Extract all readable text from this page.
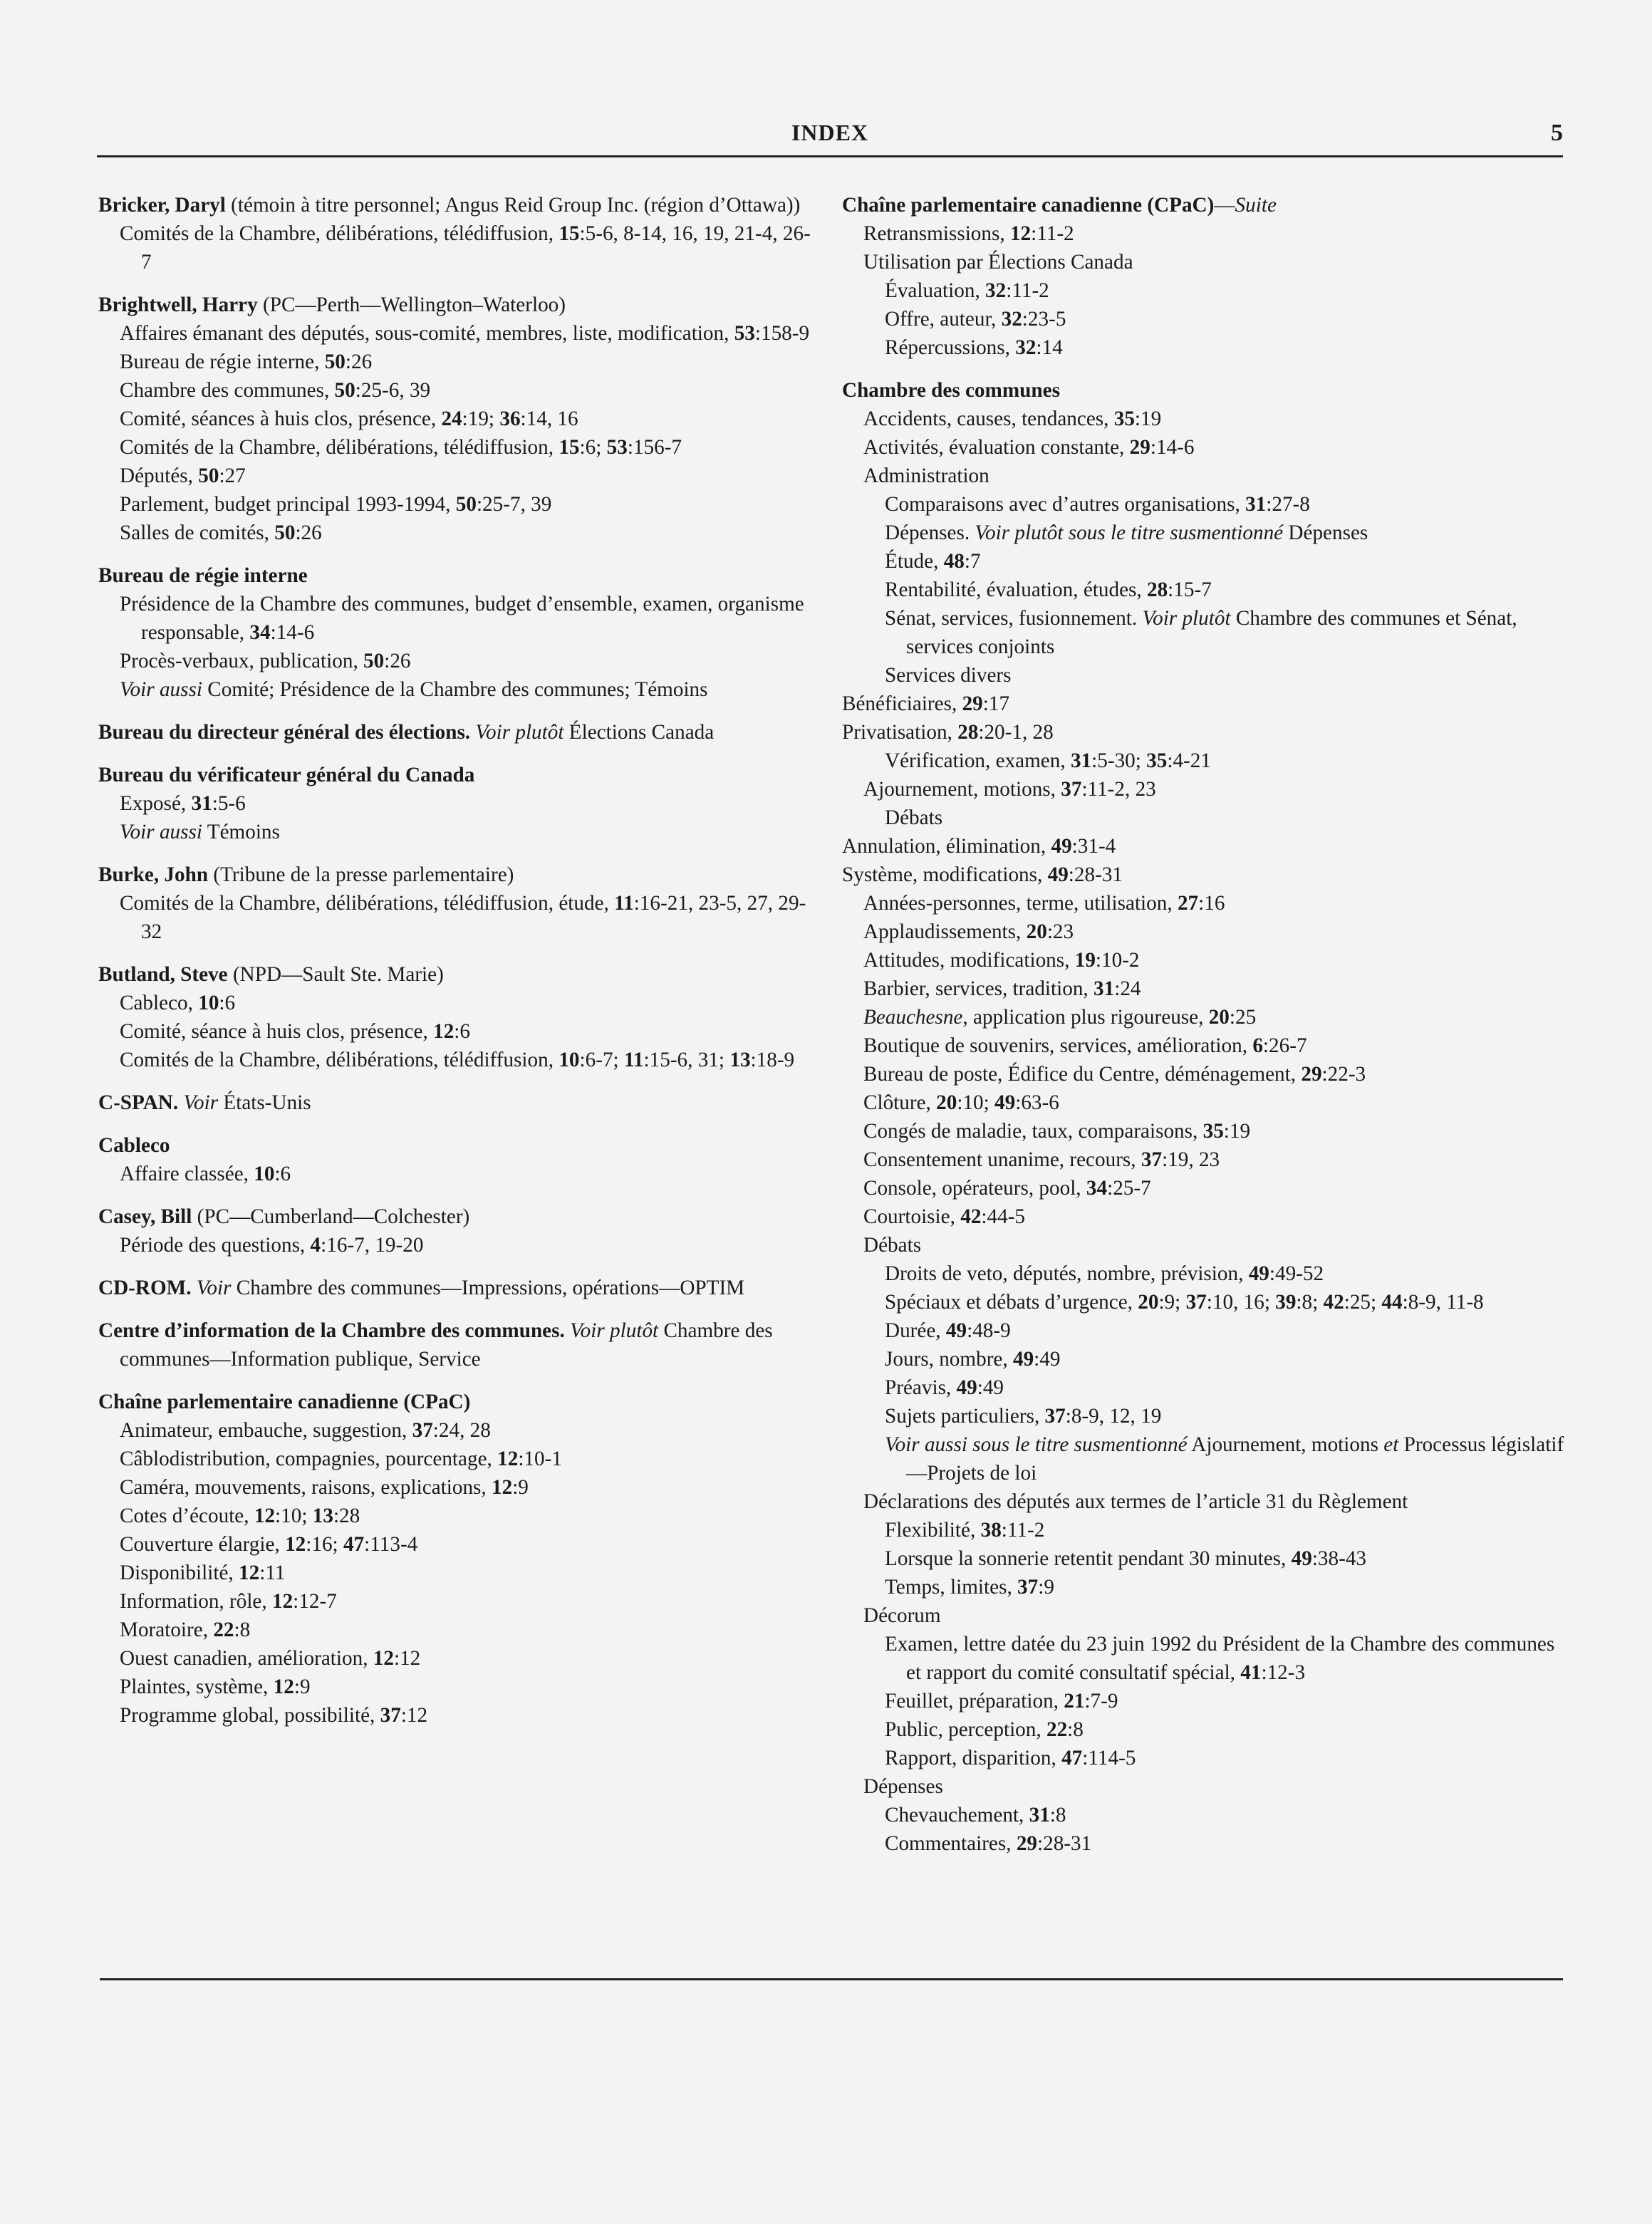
INDEX	5
Bricker, Daryl (témoin à titre personnel; Angus Reid Group Inc. (région d’Ottawa))
Comités de la Chambre, délibérations, télédiffusion, 15:5-6, 8-14, 16, 19, 21-4, 26-7
Brightwell, Harry (PC—Perth—Wellington–Waterloo)
Affaires émanant des députés, sous-comité, membres, liste, modification, 53:158-9
Bureau de régie interne, 50:26
Chambre des communes, 50:25-6, 39
Comité, séances à huis clos, présence, 24:19; 36:14, 16
Comités de la Chambre, délibérations, télédiffusion, 15:6; 53:156-7
Députés, 50:27
Parlement, budget principal 1993-1994, 50:25-7, 39
Salles de comités, 50:26
Bureau de régie interne
Présidence de la Chambre des communes, budget d’ensemble, examen, organisme responsable, 34:14-6
Procès-verbaux, publication, 50:26
Voir aussi Comité; Présidence de la Chambre des communes; Témoins
Bureau du directeur général des élections. Voir plutôt Élections Canada
Bureau du vérificateur général du Canada
Exposé, 31:5-6
Voir aussi Témoins
Burke, John (Tribune de la presse parlementaire)
Comités de la Chambre, délibérations, télédiffusion, étude, 11:16-21, 23-5, 27, 29-32
Butland, Steve (NPD—Sault Ste. Marie)
Cableco, 10:6
Comité, séance à huis clos, présence, 12:6
Comités de la Chambre, délibérations, télédiffusion, 10:6-7; 11:15-6, 31; 13:18-9
C-SPAN. Voir États-Unis
Cableco
Affaire classée, 10:6
Casey, Bill (PC—Cumberland—Colchester)
Période des questions, 4:16-7, 19-20
CD-ROM. Voir Chambre des communes—Impressions, opérations—OPTIM
Centre d’information de la Chambre des communes. Voir plutôt Chambre des communes—Information publique, Service
Chaîne parlementaire canadienne (CPaC)
Animateur, embauche, suggestion, 37:24, 28
Câblodistribution, compagnies, pourcentage, 12:10-1
Caméra, mouvements, raisons, explications, 12:9
Cotes d’écoute, 12:10; 13:28
Couverture élargie, 12:16; 47:113-4
Disponibilité, 12:11
Information, rôle, 12:12-7
Moratoire, 22:8
Ouest canadien, amélioration, 12:12
Plaintes, système, 12:9
Programme global, possibilité, 37:12
Chaîne parlementaire canadienne (CPaC)—Suite
Retransmissions, 12:11-2
Utilisation par Élections Canada
Évaluation, 32:11-2
Offre, auteur, 32:23-5
Répercussions, 32:14
Chambre des communes
Accidents, causes, tendances, 35:19
Activités, évaluation constante, 29:14-6
Administration
Comparaisons avec d’autres organisations, 31:27-8
Dépenses. Voir plutôt sous le titre susmentionné Dépenses
Étude, 48:7
Rentabilité, évaluation, études, 28:15-7
Sénat, services, fusionnement. Voir plutôt Chambre des communes et Sénat, services conjoints
Services divers
Bénéficiaires, 29:17
Privatisation, 28:20-1, 28
Vérification, examen, 31:5-30; 35:4-21
Ajournement, motions, 37:11-2, 23
Débats
Annulation, élimination, 49:31-4
Système, modifications, 49:28-31
Années-personnes, terme, utilisation, 27:16
Applaudissements, 20:23
Attitudes, modifications, 19:10-2
Barbier, services, tradition, 31:24
Beauchesne, application plus rigoureuse, 20:25
Boutique de souvenirs, services, amélioration, 6:26-7
Bureau de poste, Édifice du Centre, déménagement, 29:22-3
Clôture, 20:10; 49:63-6
Congés de maladie, taux, comparaisons, 35:19
Consentement unanime, recours, 37:19, 23
Console, opérateurs, pool, 34:25-7
Courtoisie, 42:44-5
Débats
Droits de veto, députés, nombre, prévision, 49:49-52
Spéciaux et débats d’urgence, 20:9; 37:10, 16; 39:8; 42:25; 44:8-9, 11-8
Durée, 49:48-9
Jours, nombre, 49:49
Préavis, 49:49
Sujets particuliers, 37:8-9, 12, 19
Voir aussi sous le titre susmentionné Ajournement, motions et Processus législatif—Projets de loi
Déclarations des députés aux termes de l’article 31 du Règlement
Flexibilité, 38:11-2
Lorsque la sonnerie retentit pendant 30 minutes, 49:38-43
Temps, limites, 37:9
Décorum
Examen, lettre datée du 23 juin 1992 du Président de la Chambre des communes et rapport du comité consultatif spécial, 41:12-3
Feuillet, préparation, 21:7-9
Public, perception, 22:8
Rapport, disparition, 47:114-5
Dépenses
Chevauchement, 31:8
Commentaires, 29:28-31
